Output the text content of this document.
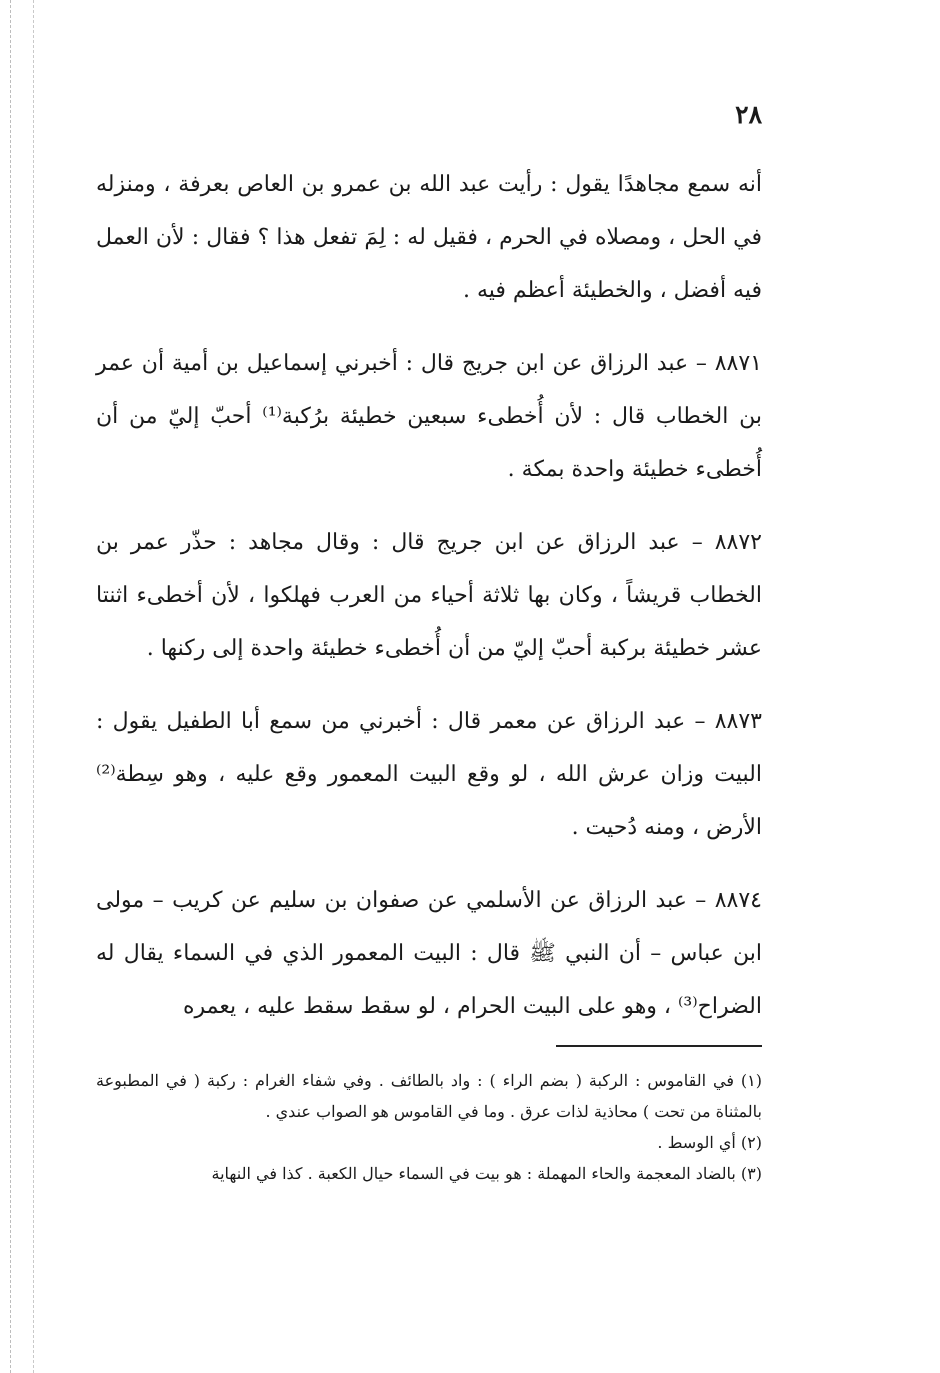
٢٨

أنه سمع مجاهدًا يقول : رأيت عبد الله بن عمرو بن العاص بعرفة ، ومنزله في الحل ، ومصلاه في الحرم ، فقيل له : لِمَ تفعل هذا ؟ فقال : لأن العمل فيه أفضل ، والخطيئة أعظم فيه .

٨٨٧١ – عبد الرزاق عن ابن جريج قال : أخبرني إسماعيل بن أمية أن عمر بن الخطاب قال : لأن أُخطىء سبعين خطيئة برُكبة⁽¹⁾ أحبّ إليّ من أن أُخطىء خطيئة واحدة بمكة .

٨٨٧٢ – عبد الرزاق عن ابن جريج قال : وقال مجاهد : حذّر عمر بن الخطاب قريشاً ، وكان بها ثلاثة أحياء من العرب فهلكوا ، لأن أخطىء اثنتا عشر خطيئة بركبة أحبّ إليّ من أن أُخطىء خطيئة واحدة إلى ركنها .

٨٨٧٣ – عبد الرزاق عن معمر قال : أخبرني من سمع أبا الطفيل يقول : البيت وزان عرش الله ، لو وقع البيت المعمور وقع عليه ، وهو سِطة⁽²⁾ الأرض ، ومنه دُحيت .

٨٨٧٤ – عبد الرزاق عن الأسلمي عن صفوان بن سليم عن كريب – مولى ابن عباس – أن النبي ﷺ قال : البيت المعمور الذي في السماء يقال له الضراح⁽³⁾ ، وهو على البيت الحرام ، لو سقط سقط عليه ، يعمره

(١) في القاموس : الركبة ( بضم الراء ) : واد بالطائف . وفي شفاء الغرام : ركبة ( في المطبوعة بالمثناة من تحت ) محاذية لذات عرق . وما في القاموس هو الصواب عندي .

(٢) أي الوسط .

(٣) بالضاد المعجمة والحاء المهملة : هو بيت في السماء حيال الكعبة . كذا في النهاية
